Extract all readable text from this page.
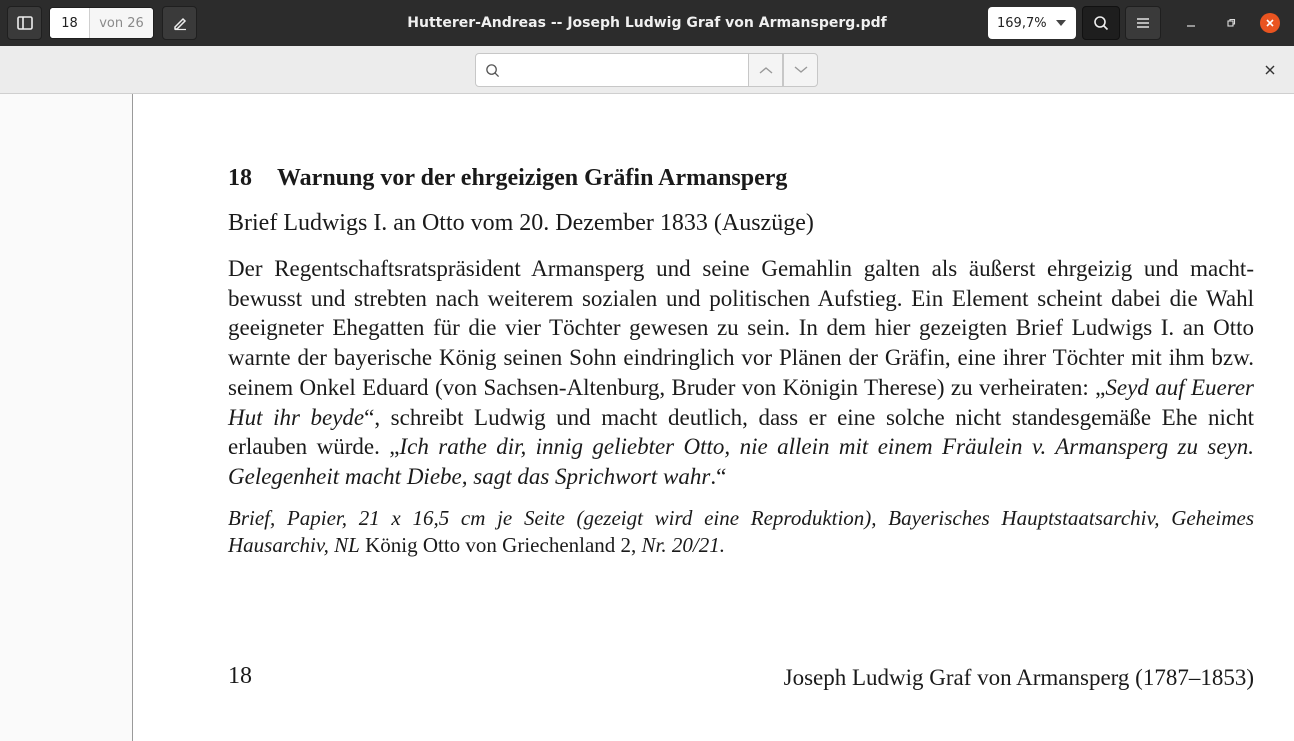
18
von 26	Hutterer-Andreas -- Joseph Ludwig Graf von Armansperg.pdf	169,7%
18 Warnung vor der ehrgeizigen Gräfin Armansperg
Brief Ludwigs I. an Otto vom 20. Dezember 1833 (Auszüge)
Der Regentschaftsratspräsident Armansperg und seine Gemahlin galten als äußerst ehrgeizig und machtbewusst und strebten nach weiterem sozialen und politischen Aufstieg. Ein Element scheint dabei die Wahl geeigneter Ehegatten für die vier Töchter gewesen zu sein. In dem hier gezeigten Brief Ludwigs I. an Otto warnte der bayerische König seinen Sohn eindringlich vor Plänen der Gräfin, eine ihrer Töchter mit ihm bzw. seinem Onkel Eduard (von Sachsen-Altenburg, Bruder von Königin Therese) zu verheiraten: „Seyd auf Euerer Hut ihr beyde“, schreibt Ludwig und macht deutlich, dass er eine solche nicht standesgemäße Ehe nicht erlauben würde. „Ich rathe dir, innig geliebter Otto, nie allein mit einem Fräulein v. Armansperg zu seyn. Gelegenheit macht Diebe, sagt das Sprichwort wahr.“
Brief, Papier, 21 x 16,5 cm je Seite (gezeigt wird eine Reproduktion), Bayerisches Hauptstaatsarchiv, Geheimes Hausarchiv, NL König Otto von Griechenland 2, Nr. 20/21.
18	Joseph Ludwig Graf von Armansperg (1787–1853)
